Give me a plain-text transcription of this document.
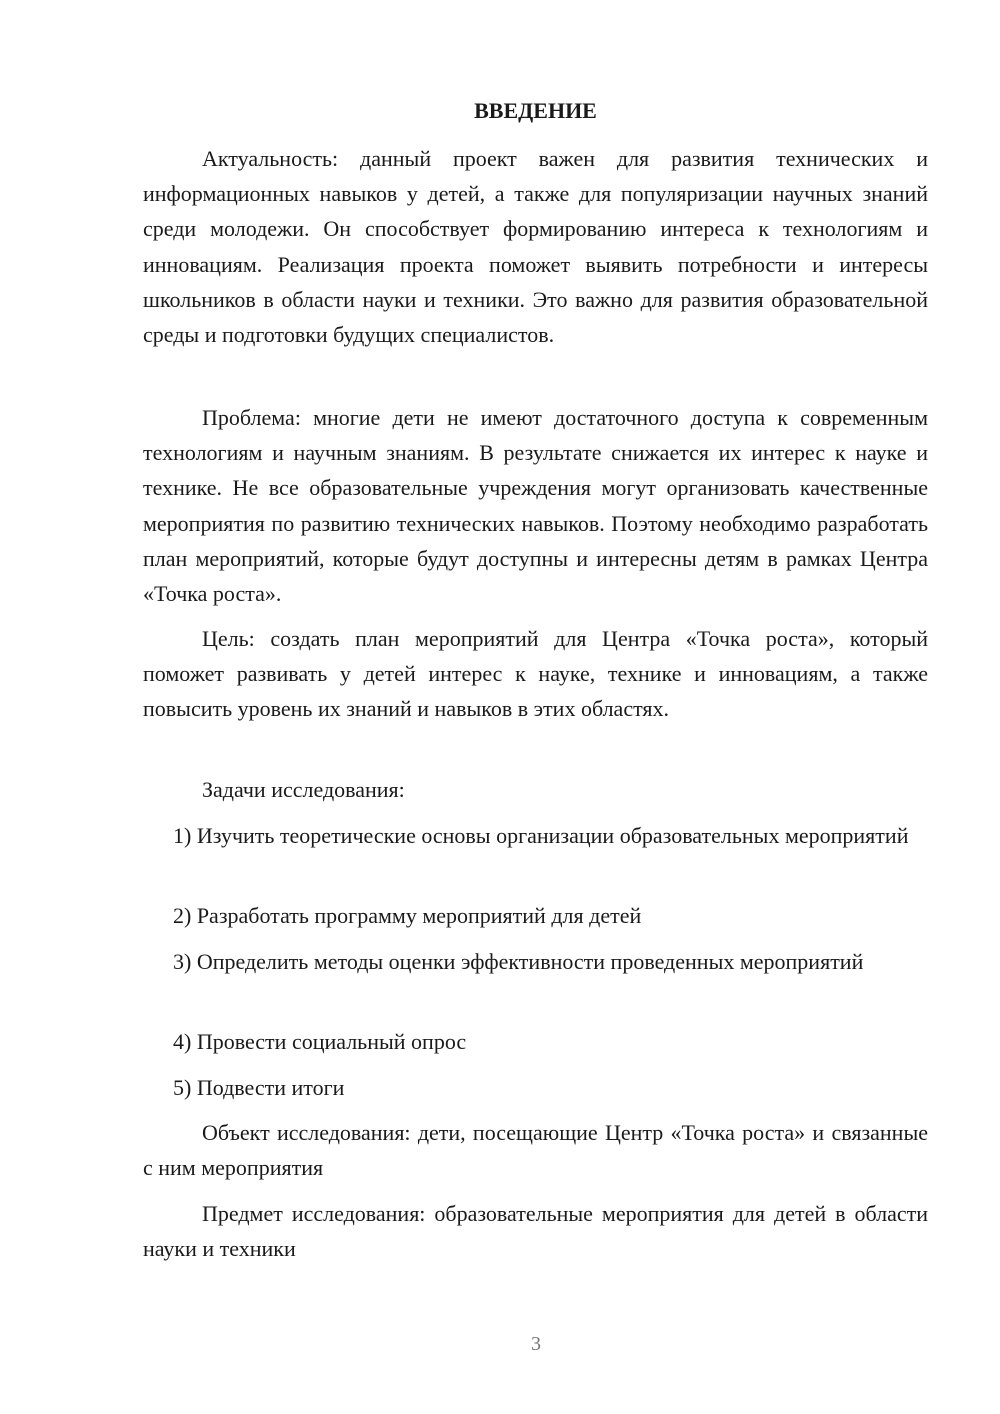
ВВЕДЕНИЕ

Актуальность: данный проект важен для развития технических и информационных навыков у детей, а также для популяризации научных знаний среди молодежи. Он способствует формированию интереса к технологиям и инновациям. Реализация проекта поможет выявить потребности и интересы школьников в области науки и техники. Это важно для развития образовательной среды и подготовки будущих специалистов.

Проблема: многие дети не имеют достаточного доступа к современным технологиям и научным знаниям. В результате снижается их интерес к науке и технике. Не все образовательные учреждения могут организовать качественные мероприятия по развитию технических навыков. Поэтому необходимо разработать план мероприятий, которые будут доступны и интересны детям в рамках Центра «Точка роста».

Цель: создать план мероприятий для Центра «Точка роста», который поможет развивать у детей интерес к науке, технике и инновациям, а также повысить уровень их знаний и навыков в этих областях.

Задачи исследования:

1) Изучить теоретические основы организации образовательных мероприятий

2) Разработать программу мероприятий для детей

3) Определить методы оценки эффективности проведенных мероприятий

4) Провести социальный опрос

5) Подвести итоги

Объект исследования: дети, посещающие Центр «Точка роста» и связанные с ним мероприятия

Предмет исследования: образовательные мероприятия для детей в области науки и техники

3
